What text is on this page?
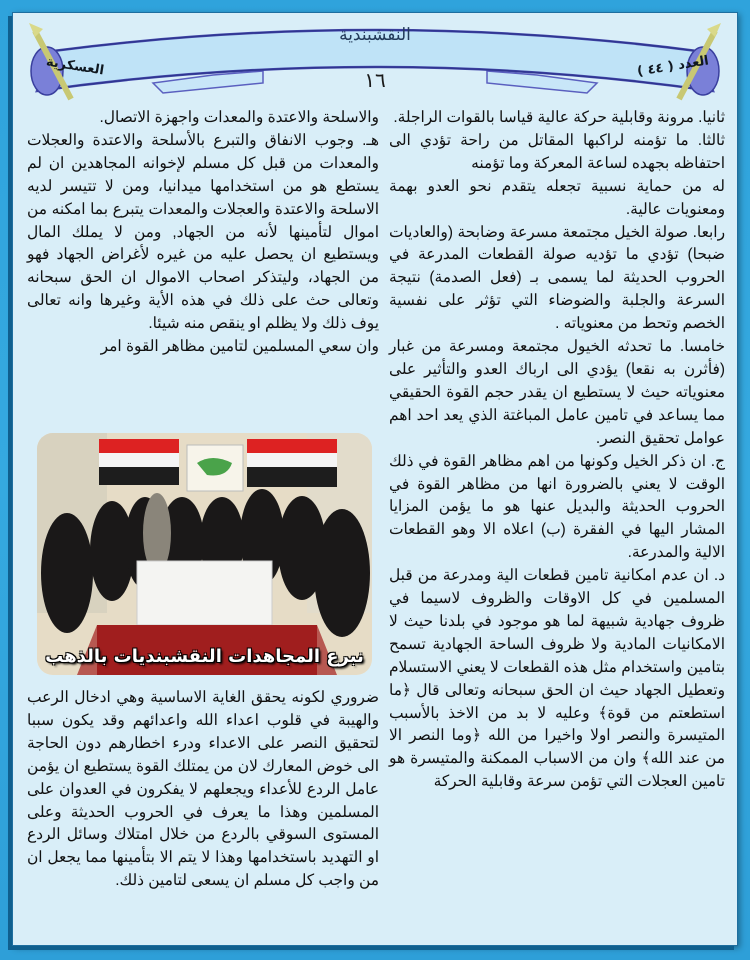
النقشبندية
١٦	العدد ( ٤٤ )
العسكرية

ثانيا. مرونة وقابلية حركة عالية قياسا بالقوات الراجلة.

ثالثا. ما تؤمنه لراكبها المقاتل من راحة تؤدي الى احتفاظه بجهده لساعة المعركة وما تؤمنه

له من حماية نسبية تجعله يتقدم نحو العدو بهمة ومعنويات عالية.

رابعا. صولة الخيل مجتمعة مسرعة وضابحة (والعاديات ضبحا) تؤدي ما تؤديه صولة القطعات المدرعة في الحروب الحديثة لما يسمى بـ (فعل الصدمة) نتيجة السرعة والجلبة والضوضاء التي تؤثر على نفسية الخصم وتحط من معنوياته .

خامسا. ما تحدثه الخيول مجتمعة ومسرعة من غبار (فأثرن به نقعا) يؤدي الى ارباك العدو والتأثير على معنوياته حيث لا يستطيع ان يقدر حجم القوة الحقيقي مما يساعد في تامين عامل المباغتة الذي يعد احد اهم عوامل تحقيق النصر.

ج. ان ذكر الخيل وكونها من اهم مظاهر القوة في ذلك الوقت لا يعني بالضرورة انها من مظاهر القوة في الحروب الحديثة والبديل عنها هو ما يؤمن المزايا المشار اليها في الفقرة (ب) اعلاه الا وهو القطعات الالية والمدرعة.

د. ان عدم امكانية تامين قطعات الية ومدرعة من قبل المسلمين في كل الاوقات والظروف لاسيما في ظروف جهادية شبيهة لما هو موجود في بلدنا حيث لا الامكانيات المادية ولا ظروف الساحة الجهادية تسمح بتامين واستخدام مثل هذه القطعات لا يعني الاستسلام وتعطيل الجهاد حيث ان الحق سبحانه وتعالى قال ﴿ما استطعتم من قوة﴾ وعليه لا بد من الاخذ بالأسبب المتيسرة والنصر اولا واخيرا من الله ﴿وما النصر الا من عند الله﴾ وان من الاسباب الممكنة والمتيسرة هو تامين العجلات التي تؤمن سرعة وقابلية الحركة

والاسلحة والاعتدة والمعدات واجهزة الاتصال.

هـ. وجوب الانفاق والتبرع بالأسلحة والاعتدة والعجلات والمعدات من قبل كل مسلم لإخوانه المجاهدين ان لم يستطع هو من استخدامها ميدانيا، ومن لا تتيسر لديه الاسلحة والاعتدة والعجلات والمعدات يتبرع بما امكنه من اموال لتأمينها لأنه من الجهاد, ومن لا يملك المال ويستطيع ان يحصل عليه من غيره لأغراض الجهاد فهو من الجهاد، وليتذكر اصحاب الاموال ان الحق سبحانه وتعالى حث على ذلك في هذه الأية وغيرها وانه تعالى يوف ذلك ولا يظلم او ينقص منه شيئا.

وان سعي المسلمين لتامين مظاهر القوة امر

نبرع المجاهدات النقشبنديات بالذهب

ضروري لكونه يحقق الغاية الاساسية وهي ادخال الرعب والهيبة في قلوب اعداء الله واعدائهم وقد يكون سببا لتحقيق النصر على الاعداء ودرء اخطارهم دون الحاجة الى خوض المعارك لان من يمتلك القوة يستطيع ان يؤمن عامل الردع للأعداء ويجعلهم لا يفكرون في العدوان على المسلمين وهذا ما يعرف في الحروب الحديثة وعلى المستوى السوقي بالردع من خلال امتلاك وسائل الردع او التهديد باستخدامها وهذا لا يتم الا بتأمينها مما يجعل ان من واجب كل مسلم ان يسعى لتامين ذلك.
